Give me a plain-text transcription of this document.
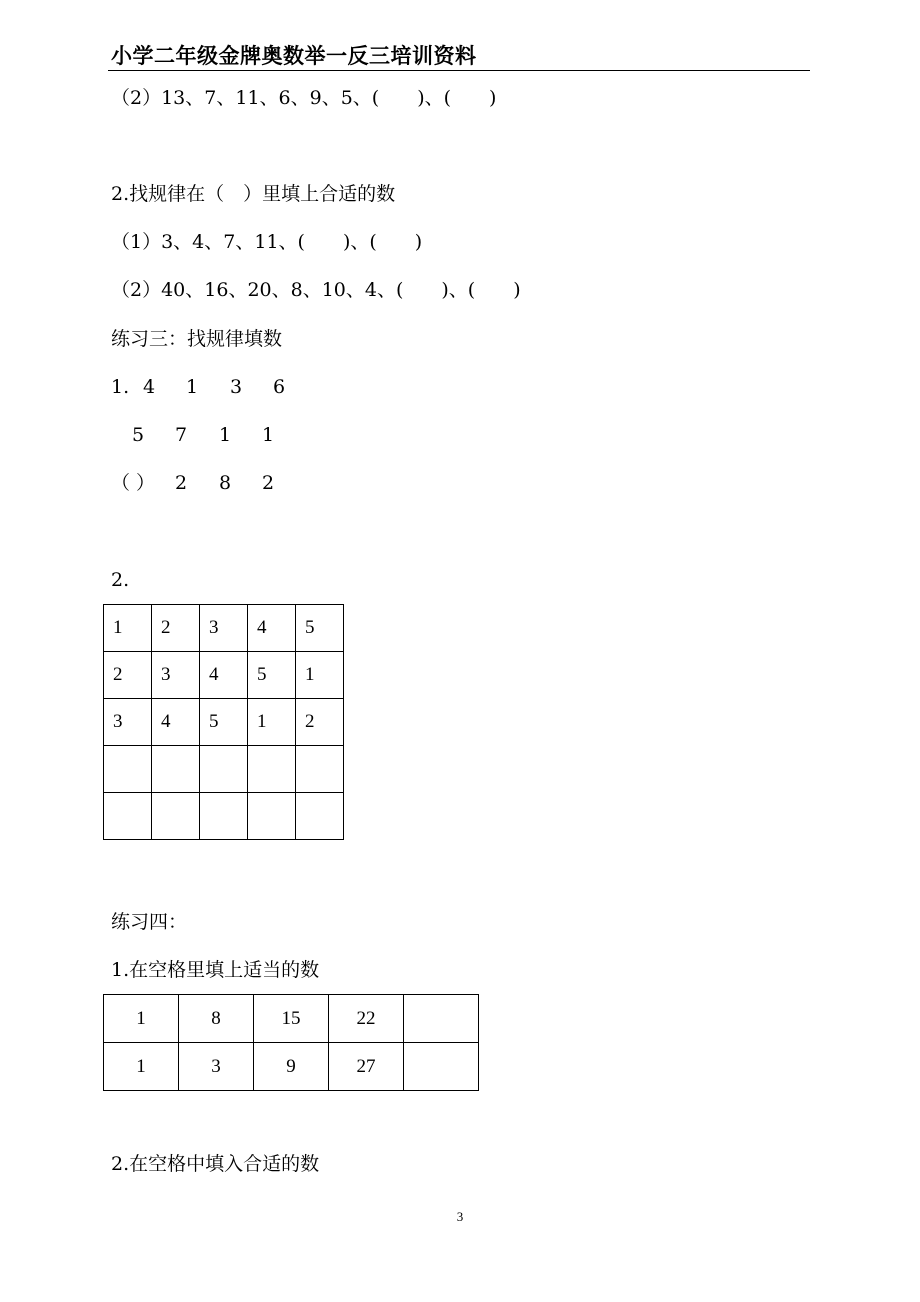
小学二年级金牌奥数举一反三培训资料
（2）13、7、11、6、9、5、(　　)、(　　)
2.找规律在（　）里填上合适的数
（1）3、4、7、11、(　　)、(　　)
（2）40、16、20、8、10、4、(　　)、(　　)
练习三：找规律填数
1. 4 1 3 6
5 7 1 1
（ ） 2 8 2
2.
1	2	3	4	5
2	3	4	5	1
3	4	5	1	2

练习四：
1.在空格里填上适当的数
1	8	15	22	
1	3	9	27	
2.在空格中填入合适的数
3
